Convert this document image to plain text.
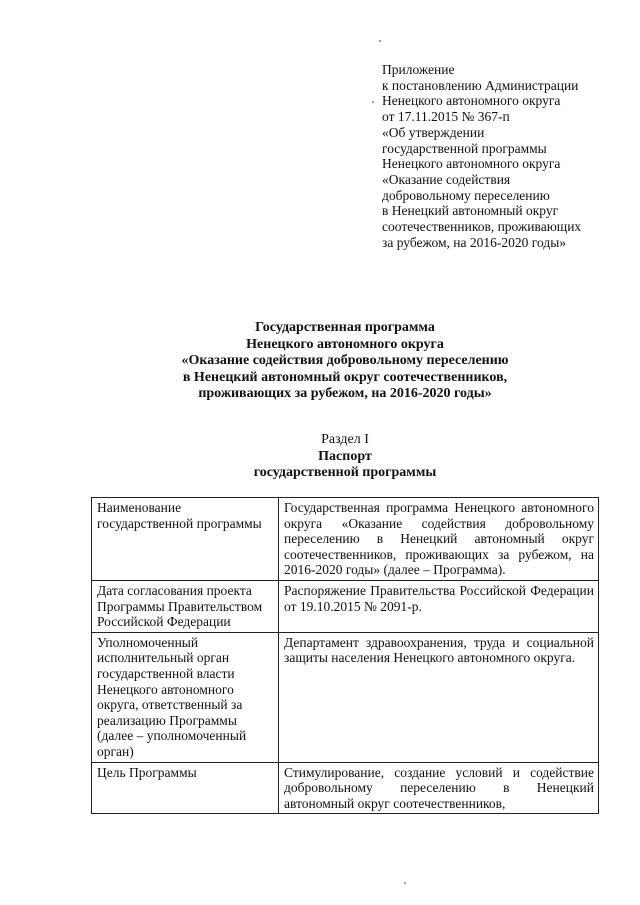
Приложение
к постановлению Администрации
Ненецкого автономного округа
от 17.11.2015 № 367-п
«Об утверждении
государственной программы
Ненецкого автономного округа
«Оказание содействия
добровольному переселению
в Ненецкий автономный округ
соотечественников, проживающих
за рубежом, на 2016-2020 годы»
Государственная программа
Ненецкого автономного округа
«Оказание содействия добровольному переселению
в Ненецкий автономный округ соотечественников,
проживающих за рубежом, на 2016-2020 годы»
Раздел I
Паспорт
государственной программы
Наименование государственной программы	Государственная программа Ненецкого автономного округа «Оказание содействия добровольному переселению в Ненецкий автономный округ соотечественников, проживающих за рубежом, на 2016-2020 годы» (далее – Программа).
Дата согласования проекта Программы Правительством Российской Федерации	Распоряжение Правительства Российской Федерации от 19.10.2015 № 2091-р.
Уполномоченный исполнительный орган государственной власти Ненецкого автономного округа, ответственный за реализацию Программы (далее – уполномоченный орган)	Департамент здравоохранения, труда и социальной защиты населения Ненецкого автономного округа.
Цель Программы	Стимулирование, создание условий и содействие добровольному переселению в Ненецкий автономный округ соотечественников,
